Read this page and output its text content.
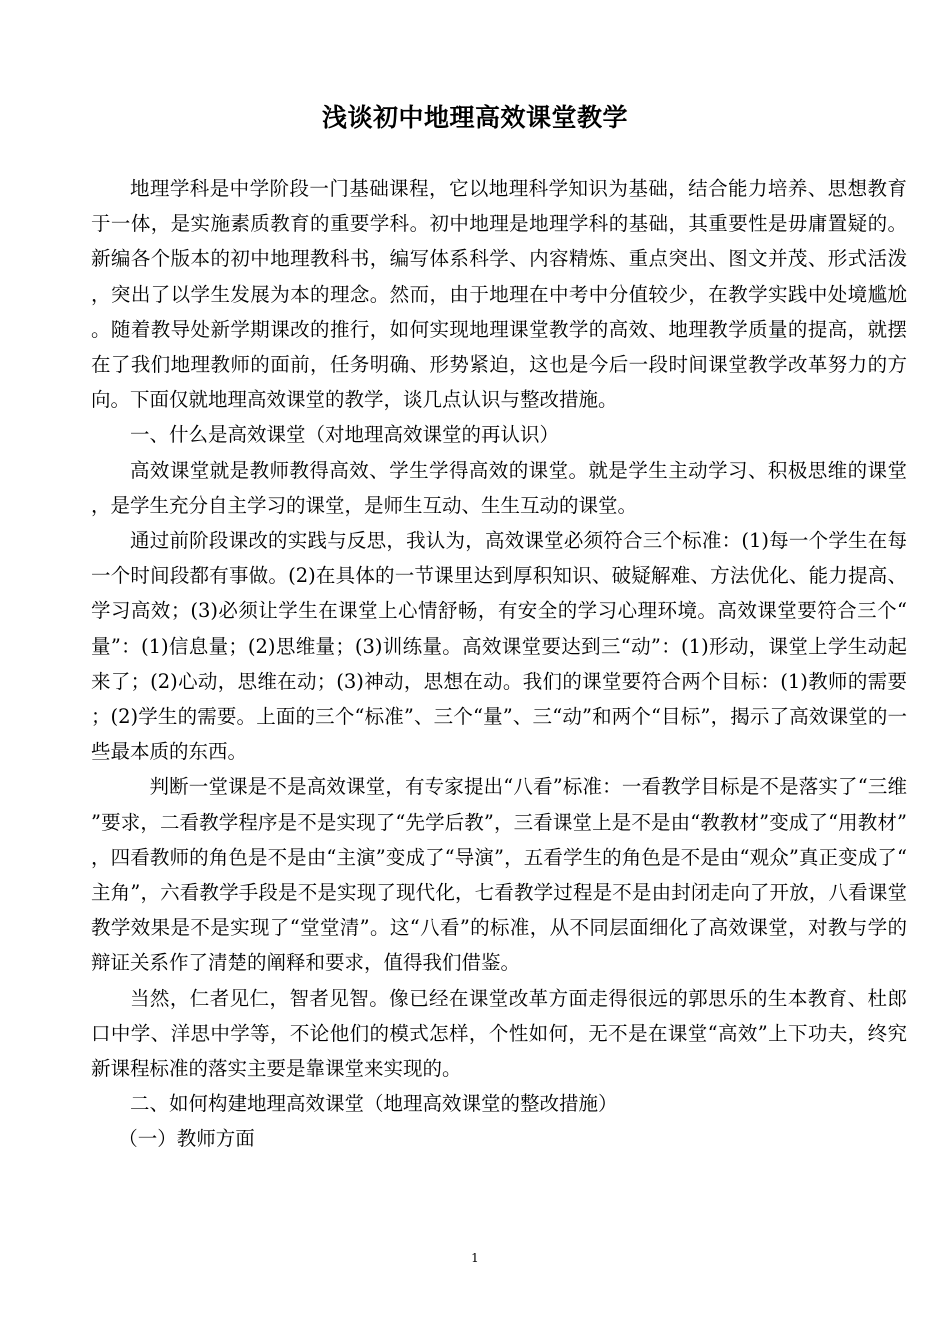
浅谈初中地理高效课堂教学

地理学科是中学阶段一门基础课程，它以地理科学知识为基础，结合能力培养、思想教育于一体，是实施素质教育的重要学科。初中地理是地理学科的基础，其重要性是毋庸置疑的。新编各个版本的初中地理教科书，编写体系科学、内容精炼、重点突出、图文并茂、形式活泼，突出了以学生发展为本的理念。然而，由于地理在中考中分值较少，在教学实践中处境尴尬。随着教导处新学期课改的推行，如何实现地理课堂教学的高效、地理教学质量的提高，就摆在了我们地理教师的面前，任务明确、形势紧迫，这也是今后一段时间课堂教学改革努力的方向。下面仅就地理高效课堂的教学，谈几点认识与整改措施。

一、什么是高效课堂（对地理高效课堂的再认识）

高效课堂就是教师教得高效、学生学得高效的课堂。就是学生主动学习、积极思维的课堂，是学生充分自主学习的课堂，是师生互动、生生互动的课堂。

通过前阶段课改的实践与反思，我认为，高效课堂必须符合三个标准：(1)每一个学生在每一个时间段都有事做。(2)在具体的一节课里达到厚积知识、破疑解难、方法优化、能力提高、学习高效；(3)必须让学生在课堂上心情舒畅，有安全的学习心理环境。高效课堂要符合三个“量”：(1)信息量；(2)思维量；(3)训练量。高效课堂要达到三“动”：(1)形动，课堂上学生动起来了；(2)心动，思维在动；(3)神动，思想在动。我们的课堂要符合两个目标：(1)教师的需要；(2)学生的需要。上面的三个“标准”、三个“量”、三“动”和两个“目标”，揭示了高效课堂的一些最本质的东西。

判断一堂课是不是高效课堂，有专家提出“八看”标准：一看教学目标是不是落实了“三维”要求，二看教学程序是不是实现了“先学后教”，三看课堂上是不是由“教教材”变成了“用教材”，四看教师的角色是不是由“主演”变成了“导演”，五看学生的角色是不是由“观众”真正变成了“主角”，六看教学手段是不是实现了现代化，七看教学过程是不是由封闭走向了开放，八看课堂教学效果是不是实现了“堂堂清”。这“八看”的标准，从不同层面细化了高效课堂，对教与学的辩证关系作了清楚的阐释和要求，值得我们借鉴。

当然，仁者见仁，智者见智。像已经在课堂改革方面走得很远的郭思乐的生本教育、杜郎口中学、洋思中学等，不论他们的模式怎样，个性如何，无不是在课堂“高效”上下功夫，终究新课程标准的落实主要是靠课堂来实现的。

二、如何构建地理高效课堂（地理高效课堂的整改措施）

（一）教师方面

1
